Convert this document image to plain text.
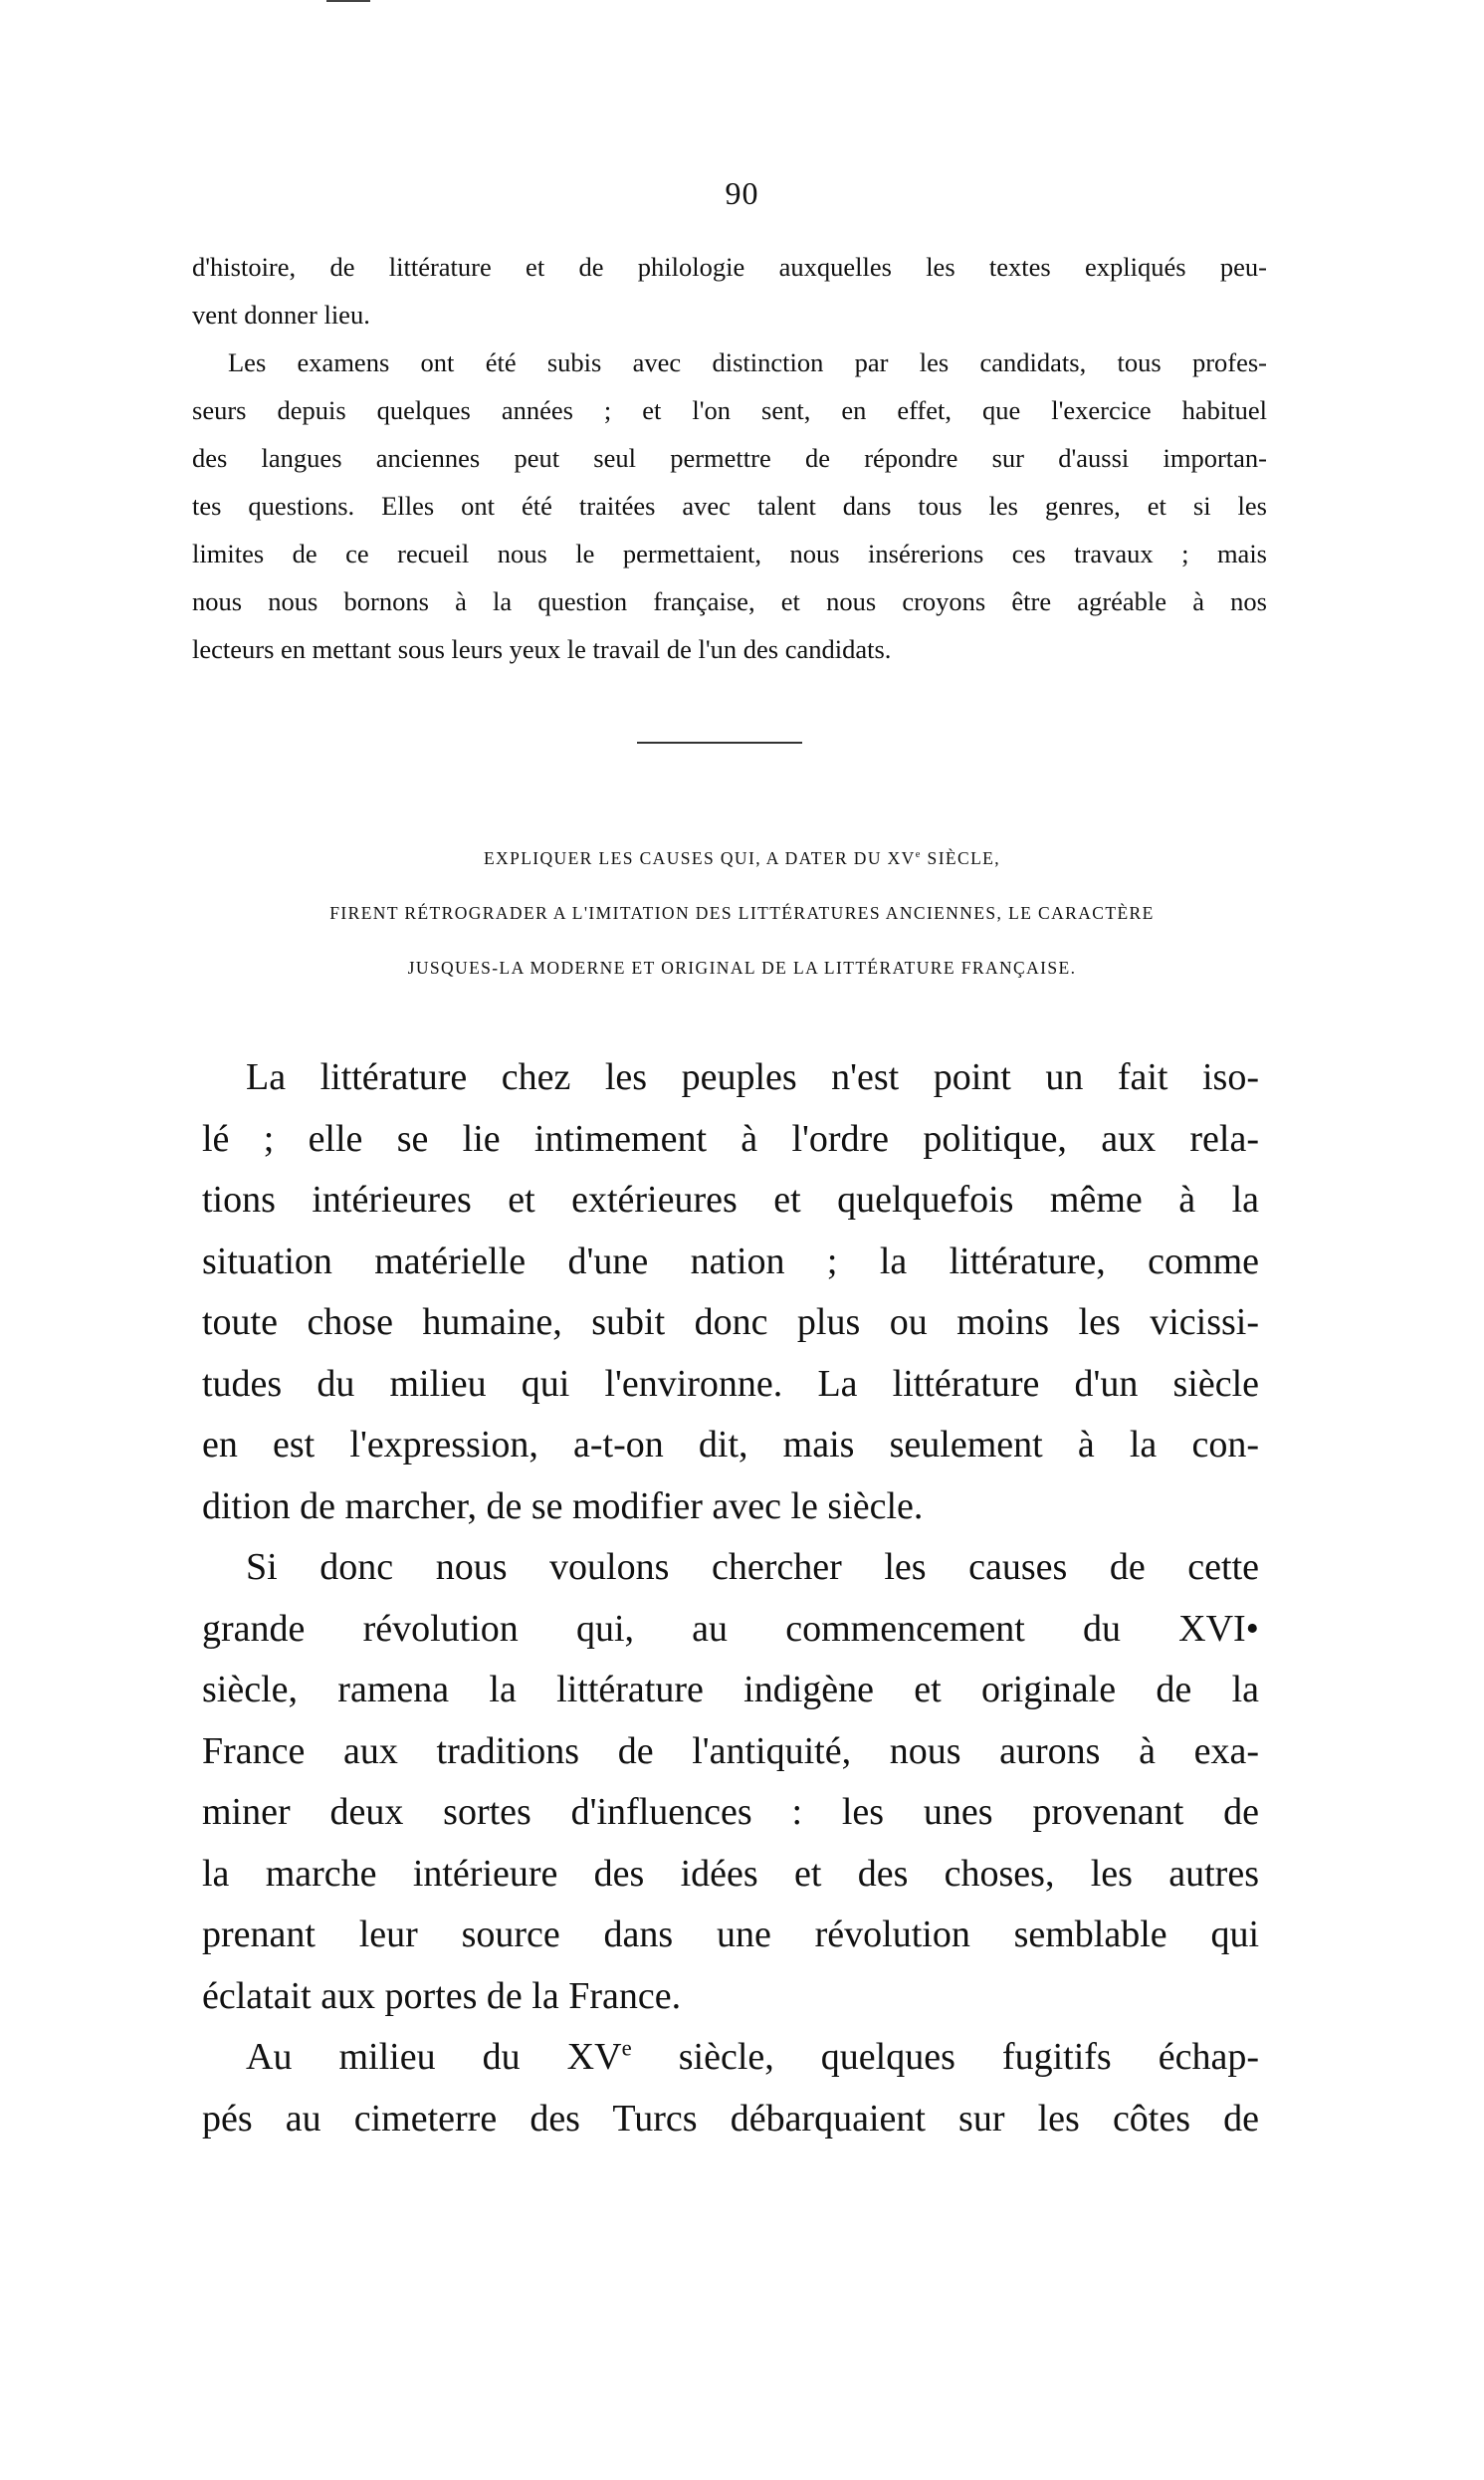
90

d'histoire, de littérature et de philologie auxquelles les textes expliqués peu-
vent donner lieu.

Les examens ont été subis avec distinction par les candidats, tous profes-
seurs depuis quelques années ; et l'on sent, en effet, que l'exercice habituel
des langues anciennes peut seul permettre de répondre sur d'aussi importan-
tes questions. Elles ont été traitées avec talent dans tous les genres, et si les
limites de ce recueil nous le permettaient, nous insérerions ces travaux ; mais
nous nous bornons à la question française, et nous croyons être agréable à nos
lecteurs en mettant sous leurs yeux le travail de l'un des candidats.

EXPLIQUER LES CAUSES QUI, A DATER DU XVe SIÈCLE,
FIRENT RÉTROGRADER A L'IMITATION DES LITTÉRATURES ANCIENNES, LE CARACTÈRE
JUSQUES-LA MODERNE ET ORIGINAL DE LA LITTÉRATURE FRANÇAISE.

La littérature chez les peuples n'est point un fait iso-
lé ; elle se lie intimement à l'ordre politique, aux rela-
tions intérieures et extérieures et quelquefois même à la
situation matérielle d'une nation ; la littérature, comme
toute chose humaine, subit donc plus ou moins les vicissi-
tudes du milieu qui l'environne. La littérature d'un siècle
en est l'expression, a-t-on dit, mais seulement à la con-
dition de marcher, de se modifier avec le siècle.

Si donc nous voulons chercher les causes de cette
grande révolution qui, au commencement du XVI•
siècle, ramena la littérature indigène et originale de la
France aux traditions de l'antiquité, nous aurons à exa-
miner deux sortes d'influences : les unes provenant de
la marche intérieure des idées et des choses, les autres
prenant leur source dans une révolution semblable qui
éclatait aux portes de la France.

Au milieu du XVe siècle, quelques fugitifs échap-
pés au cimeterre des Turcs débarquaient sur les côtes de
